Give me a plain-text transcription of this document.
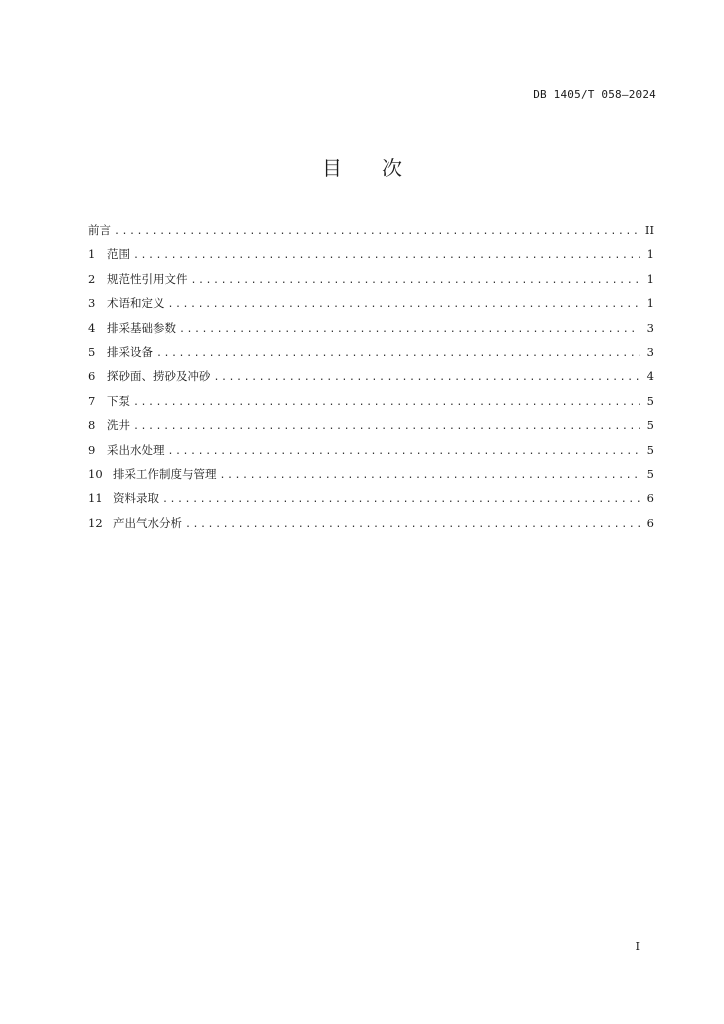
DB 1405/T 058—2024
目次
前言 .....	II
1	范围 .....	1
2	规范性引用文件 .....	1
3	术语和定义 .....	1
4	排采基础参数 .....	3
5	排采设备 .....	3
6	探砂面、捞砂及冲砂 .....	4
7	下泵 .....	5
8	洗井 .....	5
9	采出水处理 .....	5
10 排采工作制度与管理 .....	5
11 资料录取 .....	6
12 产出气水分析 .....	6
I
